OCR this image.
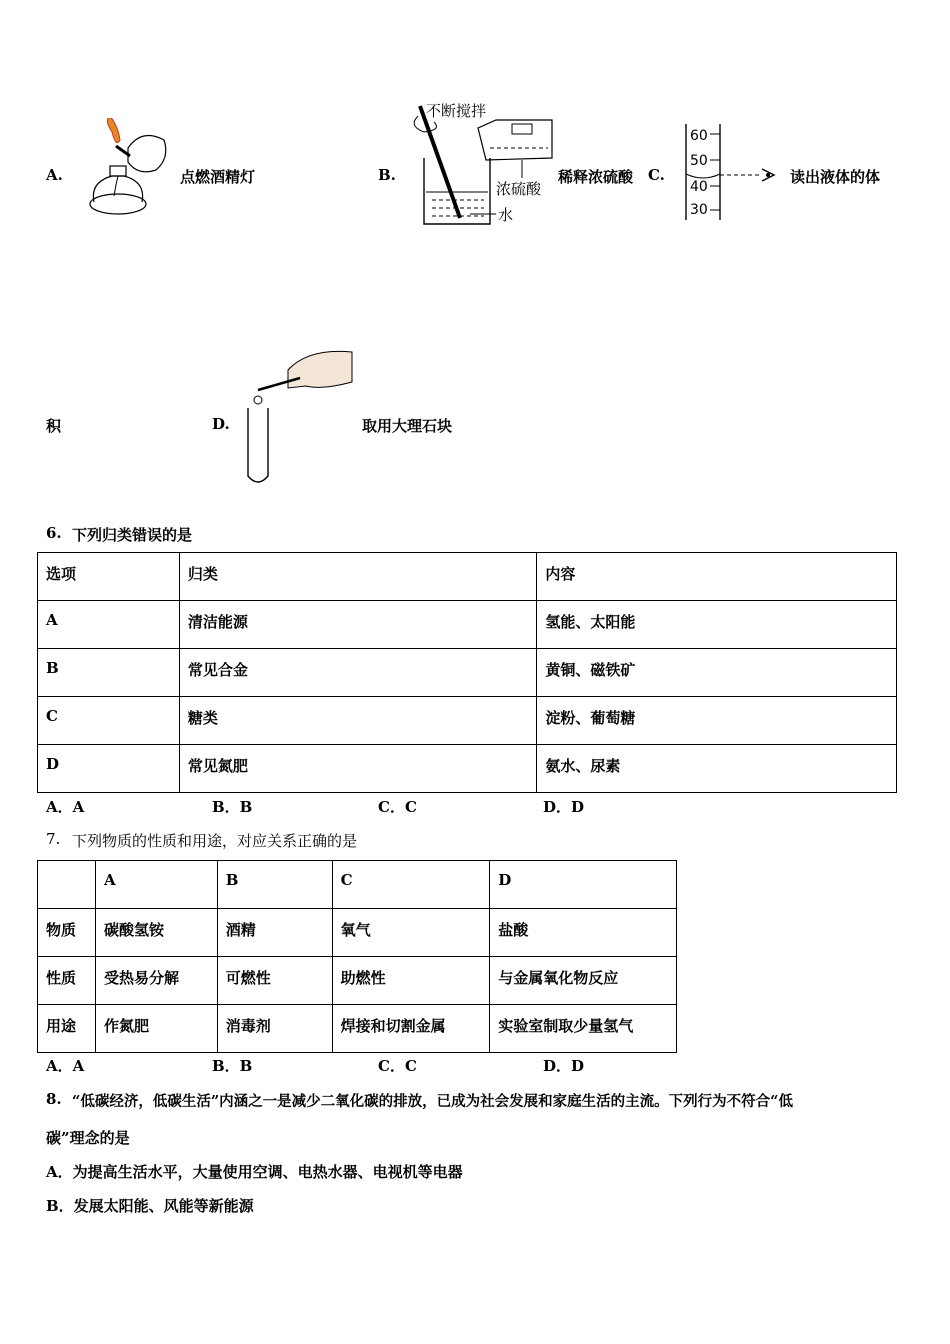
A.	点燃酒精灯	B.
不断搅拌
浓硫酸
水
稀释浓硫酸 C.
60
50
40
30
读出液体的体
积	D.	取用大理石块
6. 下列归类错误的是
选项	归类	内容
A	清洁能源	氢能、太阳能
B	常见合金	黄铜、磁铁矿
C	糖类	淀粉、葡萄糖
D	常见氮肥	氨水、尿素
A．A	B．B	C．C	D．D
7. 下列物质的性质和用途，对应关系正确的是
	A	B	C	D
物质	碳酸氢铵	酒精	氧气	盐酸
性质	受热易分解	可燃性	助燃性	与金属氧化物反应
用途	作氮肥	消毒剂	焊接和切割金属	实验室制取少量氢气
A．A	B．B	C．C	D．D
8. “低碳经济，低碳生活”内涵之一是减少二氧化碳的排放，已成为社会发展和家庭生活的主流。下列行为不符合“低
碳”理念的是
A．为提高生活水平，大量使用空调、电热水器、电视机等电器
B．发展太阳能、风能等新能源
